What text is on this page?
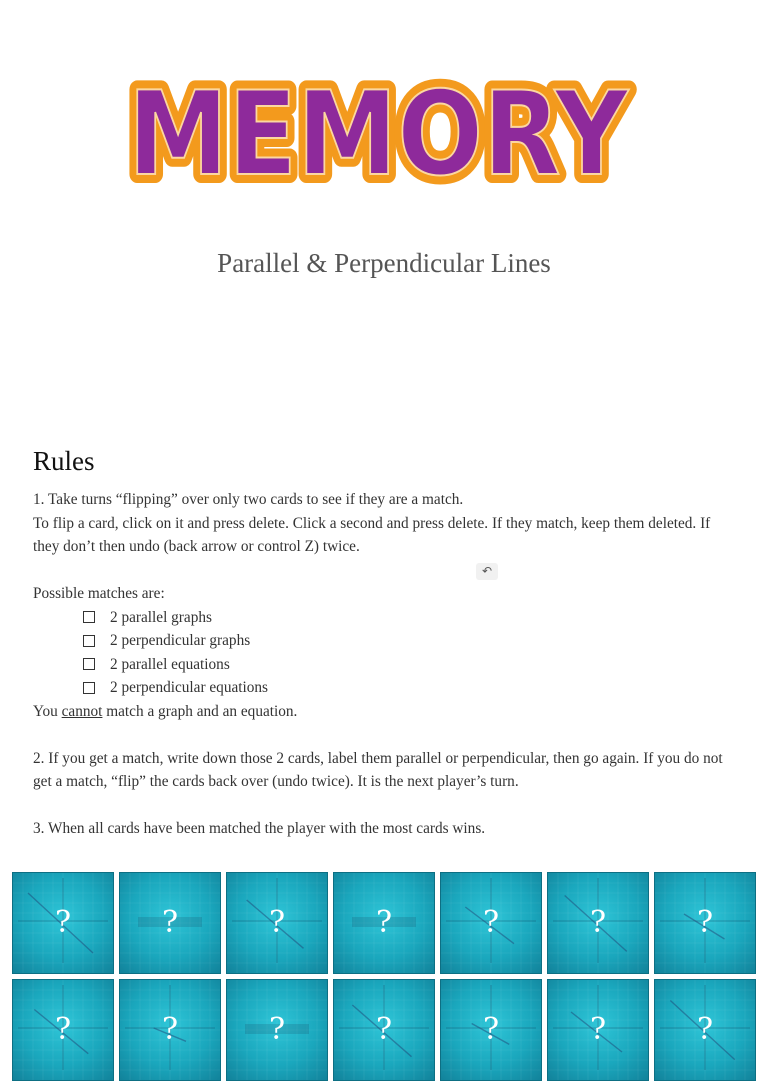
MEMORY
MEMORY
Parallel & Perpendicular Lines
Rules

1. Take turns “flipping” over only two cards to see if they are a match.

To flip a card, click on it and press delete. Click a second and press delete. If they match, keep them deleted. If they don’t then undo (back arrow or control Z) twice.

Possible matches are:

2 parallel graphs
2 perpendicular graphs
2 parallel equations
2 perpendicular equations

You cannot match a graph and an equation.

2. If you get a match, write down those 2 cards, label them parallel or perpendicular, then go again. If you do not get a match, “flip” the cards back over (undo twice). It is the next player’s turn.

3. When all cards have been matched the player with the most cards wins.

↶
?	?	?	?	?	?	?
?	?	?	?	?	?	?
